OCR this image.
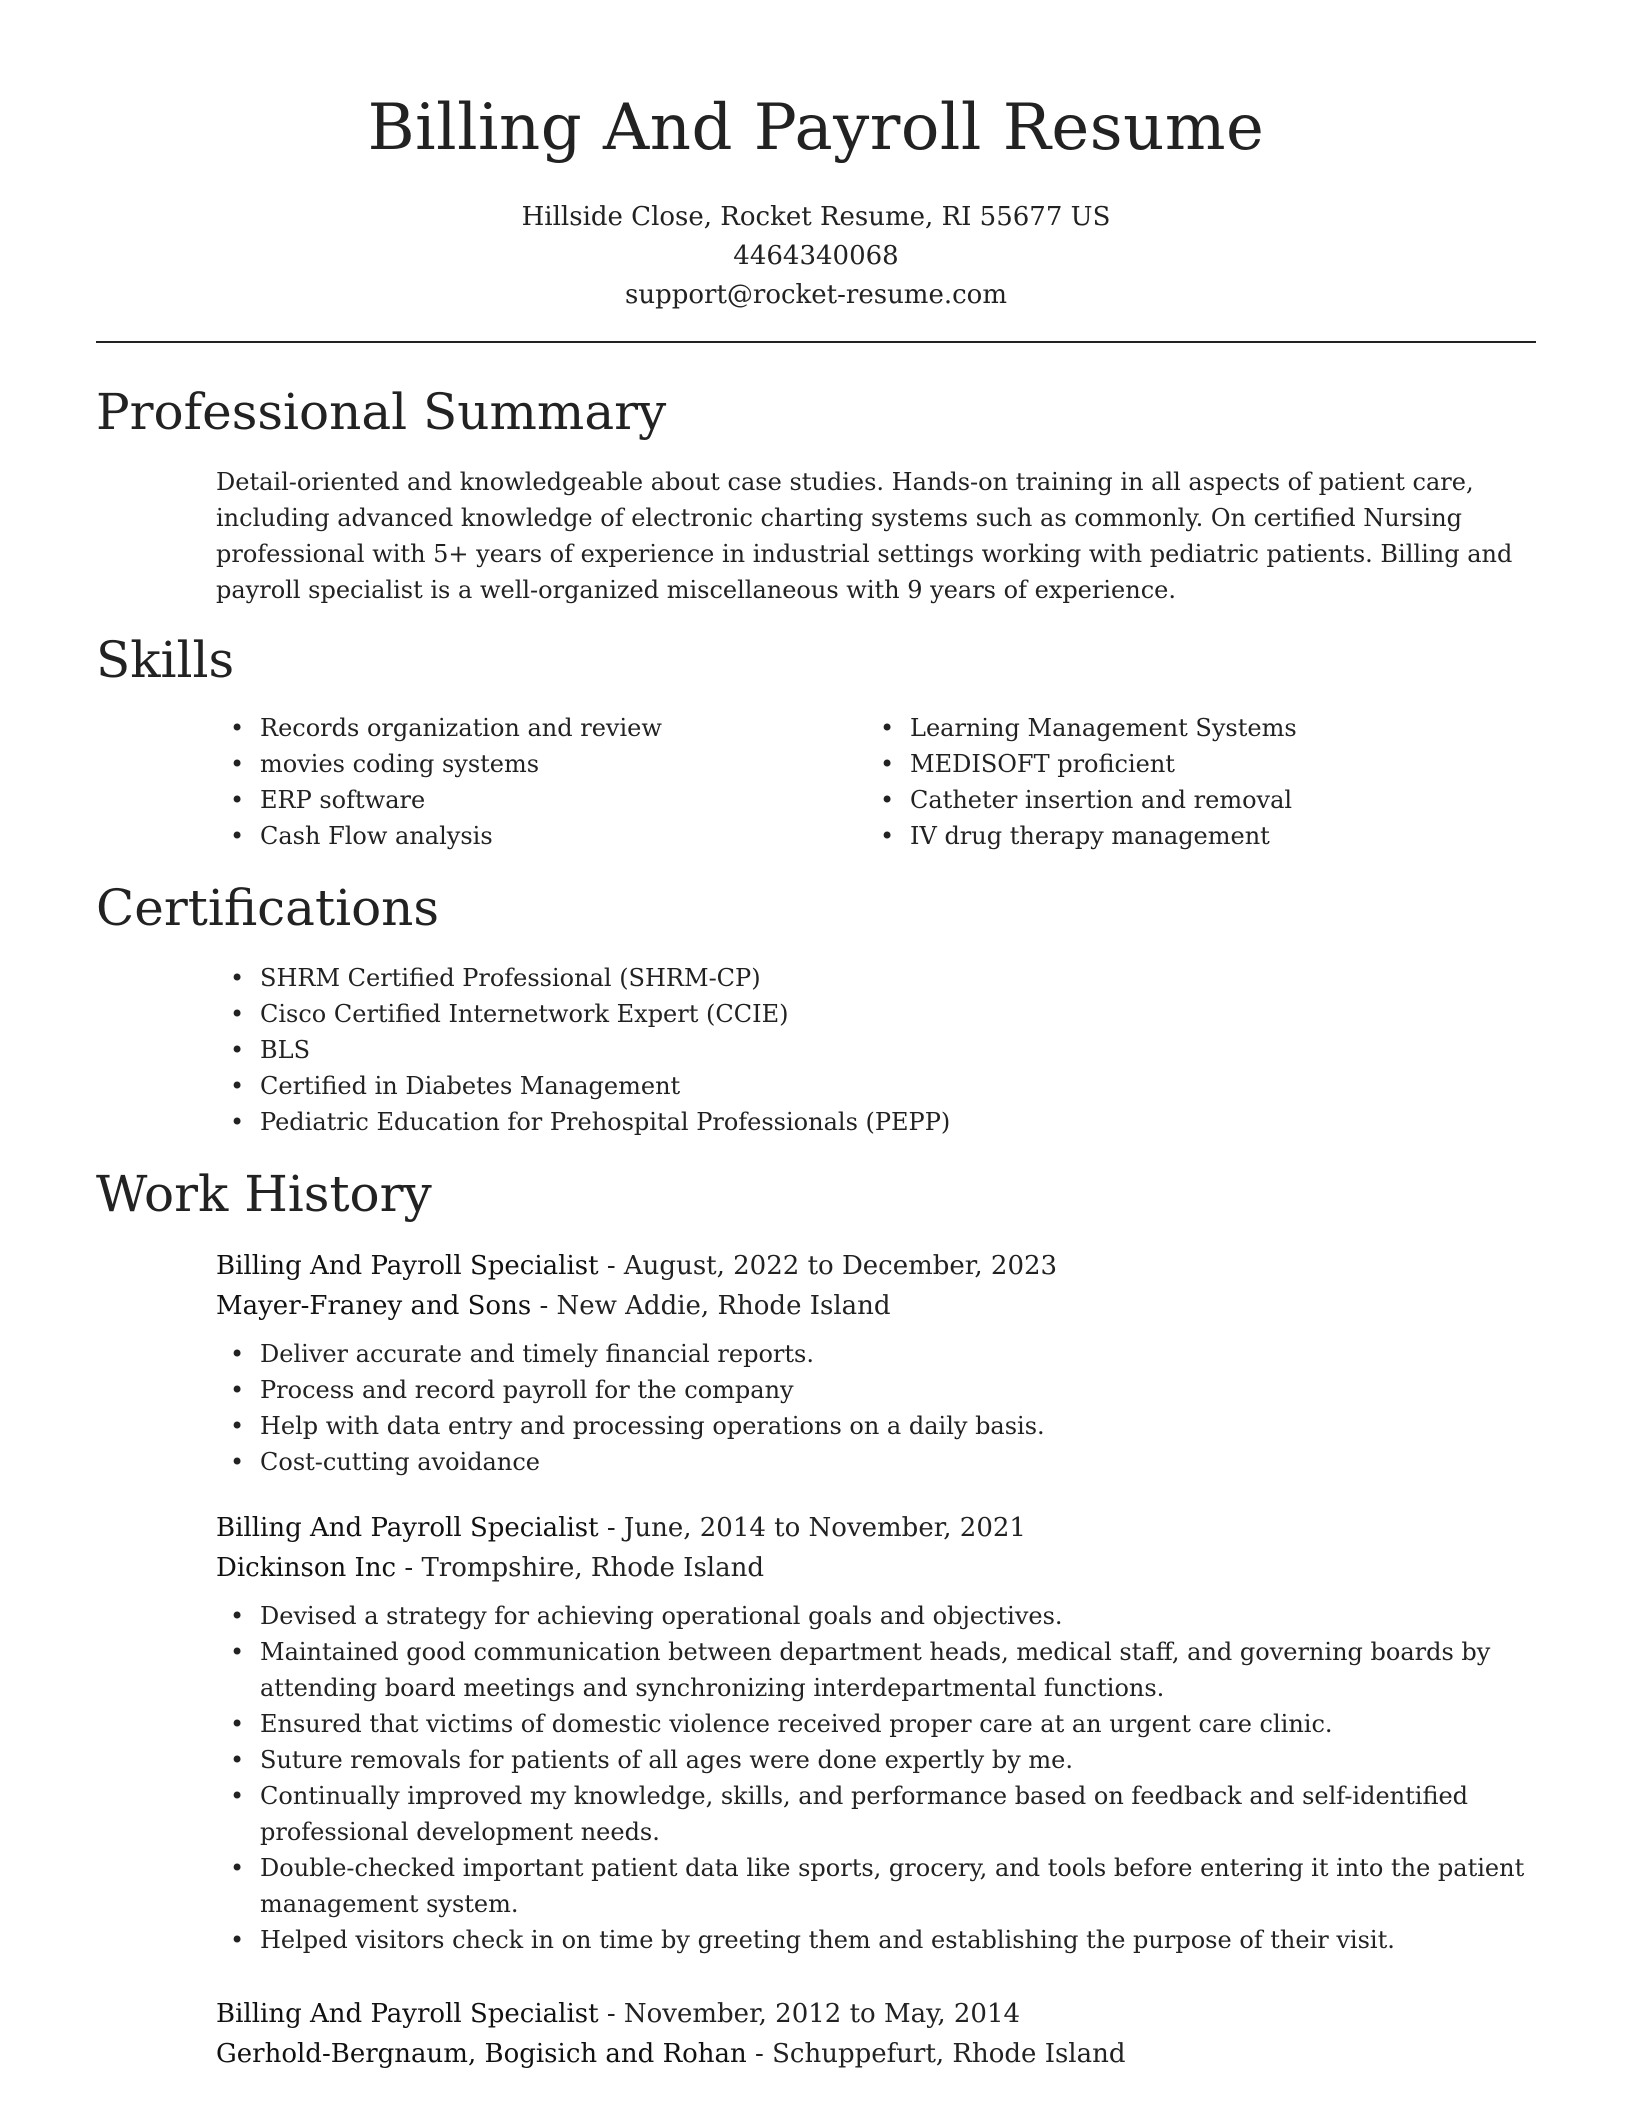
Billing And Payroll Resume
Hillside Close, Rocket Resume, RI 55677 US
4464340068
support@rocket-resume.com
Professional Summary

Detail-oriented and knowledgeable about case studies. Hands-on training in all aspects of patient care, including advanced knowledge of electronic charting systems such as commonly. On certified Nursing professional with 5+ years of experience in industrial settings working with pediatric patients. Billing and payroll specialist is a well-organized miscellaneous with 9 years of experience.

Skills
• Records organization and review
• movies coding systems
• ERP software
• Cash Flow analysis
• Learning Management Systems
• MEDISOFT proficient
• Catheter insertion and removal
• IV drug therapy management
Certifications
• SHRM Certified Professional (SHRM-CP)
• Cisco Certified Internetwork Expert (CCIE)
• BLS
• Certified in Diabetes Management
• Pediatric Education for Prehospital Professionals (PEPP)
Work History
Billing And Payroll Specialist - August, 2022 to December, 2023
Mayer-Franey and Sons - New Addie, Rhode Island
• Deliver accurate and timely financial reports.
• Process and record payroll for the company
• Help with data entry and processing operations on a daily basis.
• Cost-cutting avoidance
Billing And Payroll Specialist - June, 2014 to November, 2021
Dickinson Inc - Trompshire, Rhode Island
• Devised a strategy for achieving operational goals and objectives.
• Maintained good communication between department heads, medical staff, and governing boards by attending board meetings and synchronizing interdepartmental functions.
• Ensured that victims of domestic violence received proper care at an urgent care clinic.
• Suture removals for patients of all ages were done expertly by me.
• Continually improved my knowledge, skills, and performance based on feedback and self-identified professional development needs.
• Double-checked important patient data like sports, grocery, and tools before entering it into the patient management system.
• Helped visitors check in on time by greeting them and establishing the purpose of their visit.
Billing And Payroll Specialist - November, 2012 to May, 2014
Gerhold-Bergnaum, Bogisich and Rohan - Schuppefurt, Rhode Island
